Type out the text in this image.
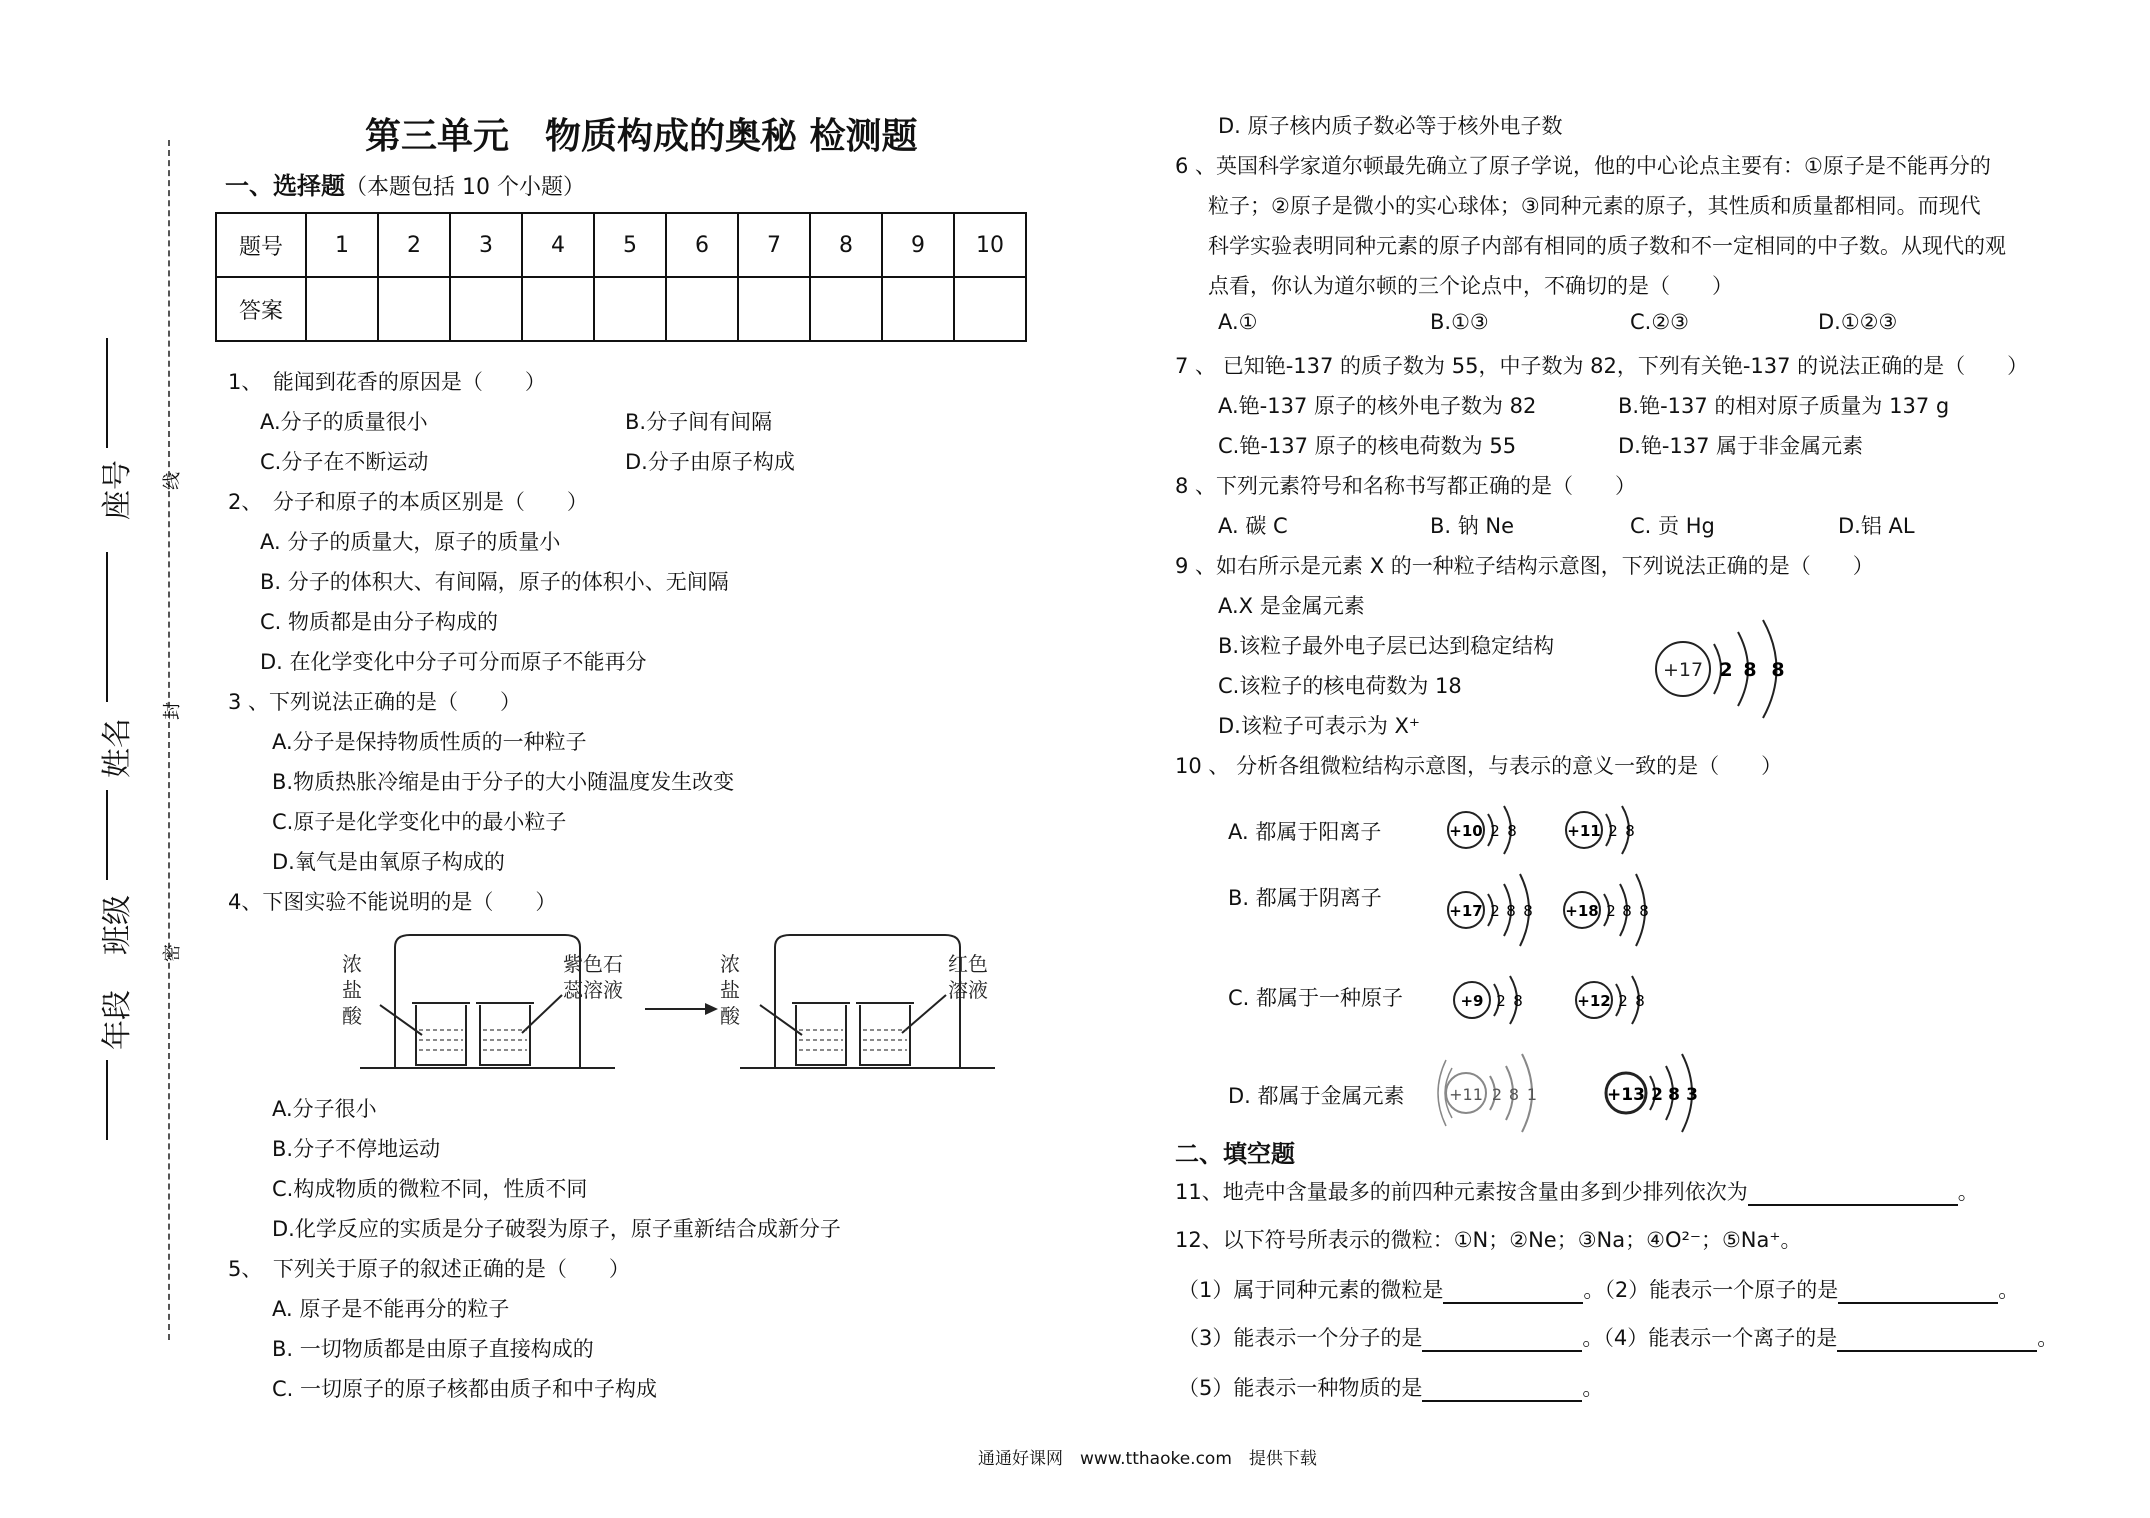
线
封
密
座号
姓名
班级
年段
第三单元　物质构成的奥秘 检测题
一、选择题（本题包括 10 个小题）
题号	1	2	3	4	5	6	7	8	9	10
答案										
1、　能闻到花香的原因是（　　）
A.分子的质量很小	B.分子间有间隔
C.分子在不断运动	D.分子由原子构成
2、　分子和原子的本质区别是（　　）
A. 分子的质量大，原子的质量小
B. 分子的体积大、有间隔，原子的体积小、无间隔
C. 物质都是由分子构成的
D. 在化学变化中分子可分而原子不能再分
3 、下列说法正确的是（　　）
A.分子是保持物质性质的一种粒子
B.物质热胀冷缩是由于分子的大小随温度发生改变
C.原子是化学变化中的最小粒子
D.氧气是由氧原子构成的
4、下图实验不能说明的是（　　）
浓
盐
酸
紫色石
蕊溶液
浓
盐
酸
红色
溶液
A.分子很小
B.分子不停地运动
C.构成物质的微粒不同，性质不同
D.化学反应的实质是分子破裂为原子，原子重新结合成新分子
5、　下列关于原子的叙述正确的是（　　）
A. 原子是不能再分的粒子
B. 一切物质都是由原子直接构成的
C. 一切原子的原子核都由质子和中子构成
D. 原子核内质子数必等于核外电子数
6 、英国科学家道尔顿最先确立了原子学说，他的中心论点主要有：①原子是不能再分的
粒子；②原子是微小的实心球体；③同种元素的原子，其性质和质量都相同。而现代
科学实验表明同种元素的原子内部有相同的质子数和不一定相同的中子数。从现代的观
点看，你认为道尔顿的三个论点中，不确切的是（　　）
A.①	B.①③	C.②③	D.①②③
7 、 已知铯-137 的质子数为 55，中子数为 82，下列有关铯-137 的说法正确的是（　　）
A.铯-137 原子的核外电子数为 82	B.铯-137 的相对原子质量为 137 g
C.铯-137 原子的核电荷数为 55	D.铯-137 属于非金属元素
8 、下列元素符号和名称书写都正确的是（　　）
A. 碳 C	B. 钠 Ne	C. 贡 Hg	D.铝 AL
9 、如右所示是元素 X 的一种粒子结构示意图，下列说法正确的是（　　）
A.X 是金属元素
B.该粒子最外电子层已达到稳定结构
C.该粒子的核电荷数为 18
D.该粒子可表示为 X⁺
+17 2 8 8
10 、 分析各组微粒结构示意图，与表示的意义一致的是（　　）
A. 都属于阳离子
B. 都属于阴离子
C. 都属于一种原子
D. 都属于金属元素
+10 2 8	+11 2 8
+17 2 8 8 +18 2 8 8
+9 2 8	+12 2 8
+11 2 8 1	+13 2 8 3
二、填空题
11、地壳中含量最多的前四种元素按含量由多到少排列依次为	。
12、以下符号所表示的微粒：①N；②Ne；③Na；④O²⁻；⑤Na⁺。
（1）属于同种元素的微粒是	。（2）能表示一个原子的是	。
（3）能表示一个分子的是	。（4）能表示一个离子的是	。
（5）能表示一种物质的是	。
通通好课网　www.tthaoke.com　提供下载
